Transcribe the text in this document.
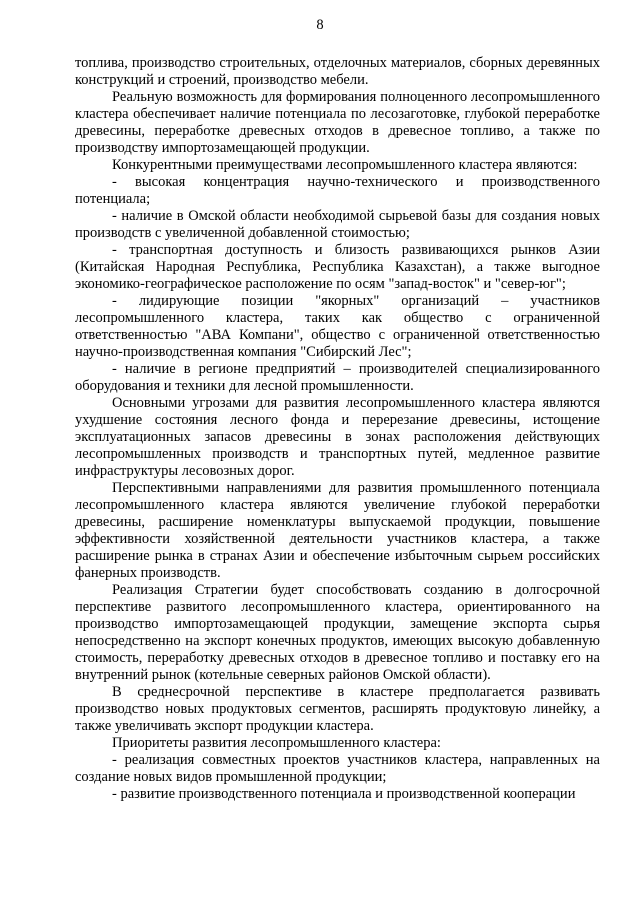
8

топлива, производство строительных, отделочных материалов, сборных деревянных конструкций и строений, производство мебели.

Реальную возможность для формирования полноценного лесопромышленного кластера обеспечивает наличие потенциала по лесозаготовке, глубокой переработке древесины, переработке древесных отходов в древесное топливо, а также по производству импортозамещающей продукции.

Конкурентными преимуществами лесопромышленного кластера являются:

- высокая концентрация научно-технического и производственного потенциала;

- наличие в Омской области необходимой сырьевой базы для создания новых производств с увеличенной добавленной стоимостью;

- транспортная доступность и близость развивающихся рынков Азии (Китайская Народная Республика, Республика Казахстан), а также выгодное экономико-географическое расположение по осям "запад-восток" и "север-юг";

- лидирующие позиции "якорных" организаций – участников лесопромышленного кластера, таких как общество с ограниченной ответственностью "АВА Компани", общество с ограниченной ответственностью научно-производственная компания "Сибирский Лес";

- наличие в регионе предприятий – производителей специализированного оборудования и техники для лесной промышленности.

Основными угрозами для развития лесопромышленного кластера являются ухудшение состояния лесного фонда и перерезание древесины, истощение эксплуатационных запасов древесины в зонах расположения действующих лесопромышленных производств и транспортных путей, медленное развитие инфраструктуры лесовозных дорог.

Перспективными направлениями для развития промышленного потенциала лесопромышленного кластера являются увеличение глубокой переработки древесины, расширение номенклатуры выпускаемой продукции, повышение эффективности хозяйственной деятельности участников кластера, а также расширение рынка в странах Азии и обеспечение избыточным сырьем российских фанерных производств.

Реализация Стратегии будет способствовать созданию в долгосрочной перспективе развитого лесопромышленного кластера, ориентированного на производство импортозамещающей продукции, замещение экспорта сырья непосредственно на экспорт конечных продуктов, имеющих высокую добавленную стоимость, переработку древесных отходов в древесное топливо и поставку его на внутренний рынок (котельные северных районов Омской области).

В среднесрочной перспективе в кластере предполагается развивать производство новых продуктовых сегментов, расширять продуктовую линейку, а также увеличивать экспорт продукции кластера.

Приоритеты развития лесопромышленного кластера:

- реализация совместных проектов участников кластера, направленных на создание новых видов промышленной продукции;

- развитие производственного потенциала и производственной кооперации
